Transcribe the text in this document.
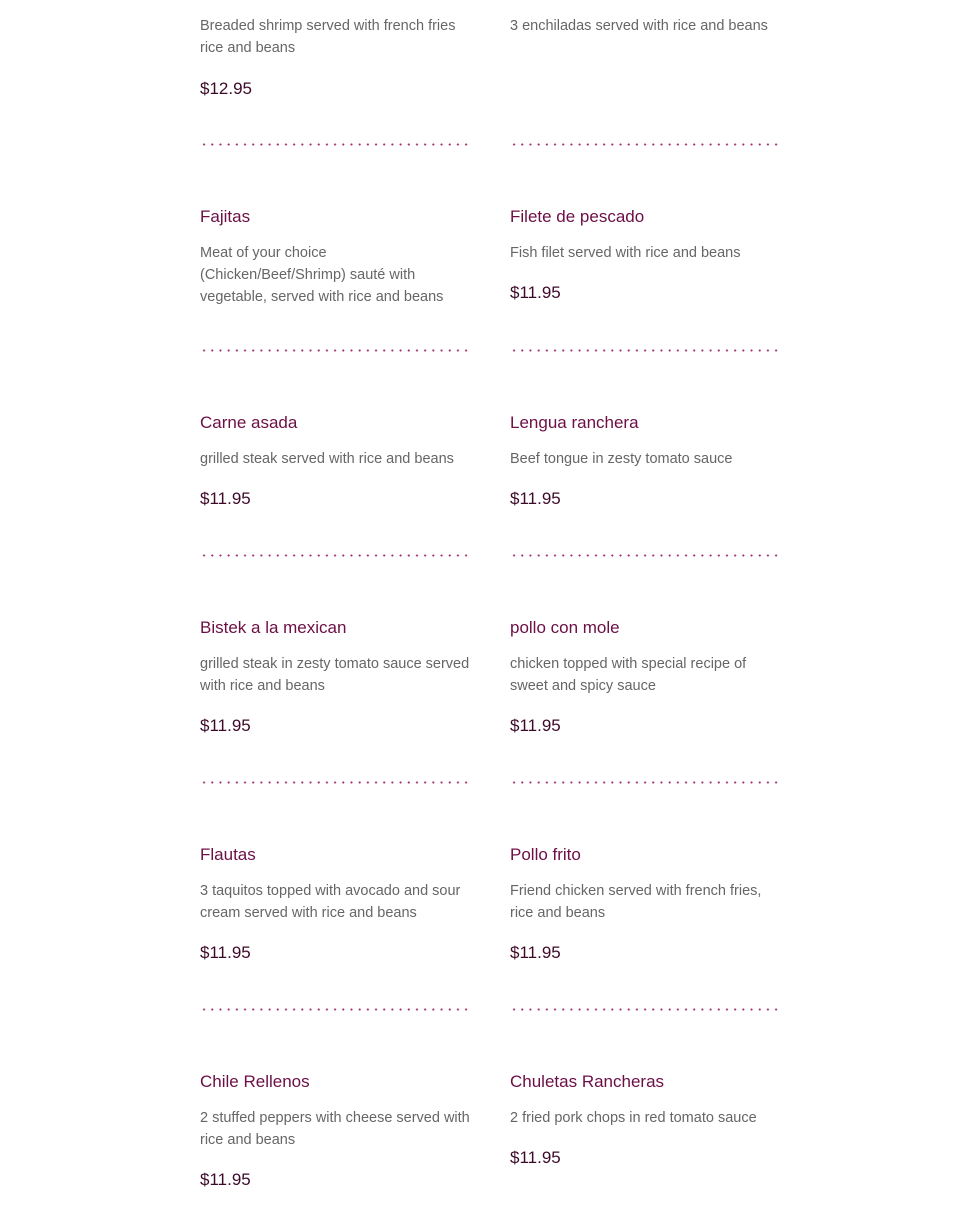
Breaded shrimp served with french fries rice and beans

$12.95

3 enchiladas served with rice and beans

Fajitas

Meat of your choice (Chicken/Beef/Shrimp) sauté with vegetable, served with rice and beans

Filete de pescado

Fish filet served with rice and beans

$11.95

Carne asada

grilled steak served with rice and beans

$11.95

Lengua ranchera

Beef tongue in zesty tomato sauce

$11.95

Bistek a la mexican

grilled steak in zesty tomato sauce served with rice and beans

$11.95

pollo con mole

chicken topped with special recipe of sweet and spicy sauce

$11.95

Flautas

3 taquitos topped with avocado and sour cream served with rice and beans

$11.95

Pollo frito

Friend chicken served with french fries, rice and beans

$11.95

Chile Rellenos

2 stuffed peppers with cheese served with rice and beans

$11.95

Chuletas Rancheras

2 fried pork chops in red tomato sauce

$11.95
